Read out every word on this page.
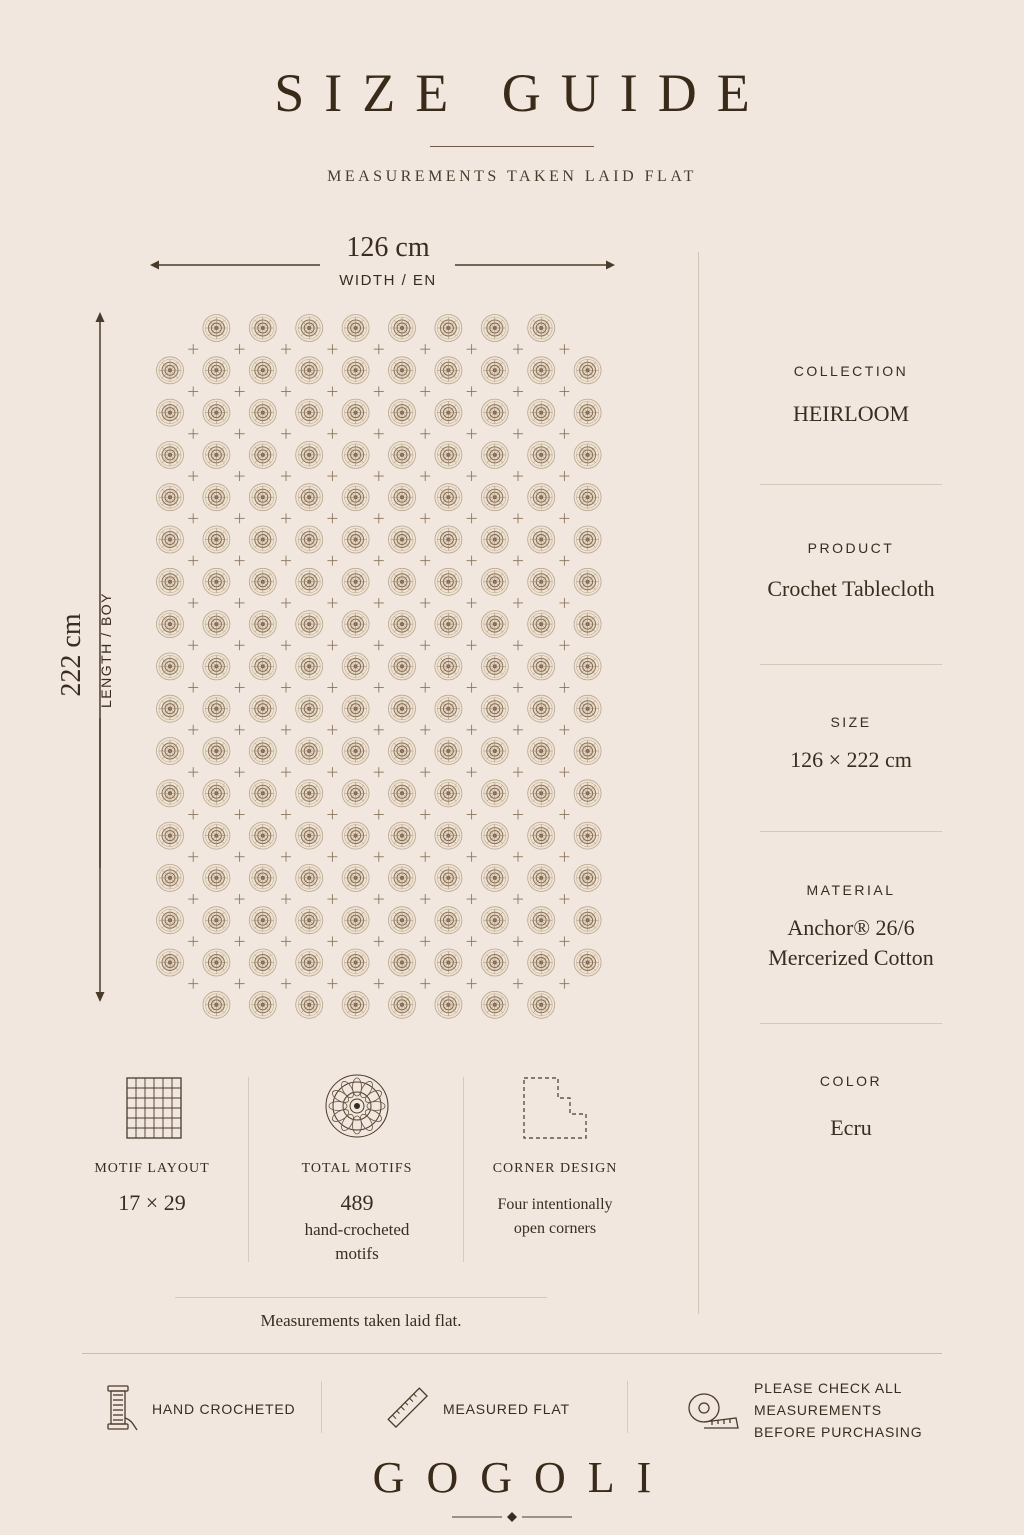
SIZE GUIDE
MEASUREMENTS TAKEN LAID FLAT
126 cm
WIDTH / EN
222 cm LENGTH / BOY
COLLECTION
HEIRLOOM
PRODUCT
Crochet Tablecloth
SIZE
126 × 222 cm
MATERIAL
Anchor® 26/6
Mercerized Cotton
COLOR
Ecru
MOTIF LAYOUT
17 × 29
TOTAL MOTIFS
489
hand-crocheted motifs
CORNER DESIGN
Four intentionally open corners
Measurements taken laid flat.
HAND CROCHETED	MEASURED FLAT
PLEASE CHECK ALL MEASUREMENTS BEFORE PURCHASING
GOGOLI
